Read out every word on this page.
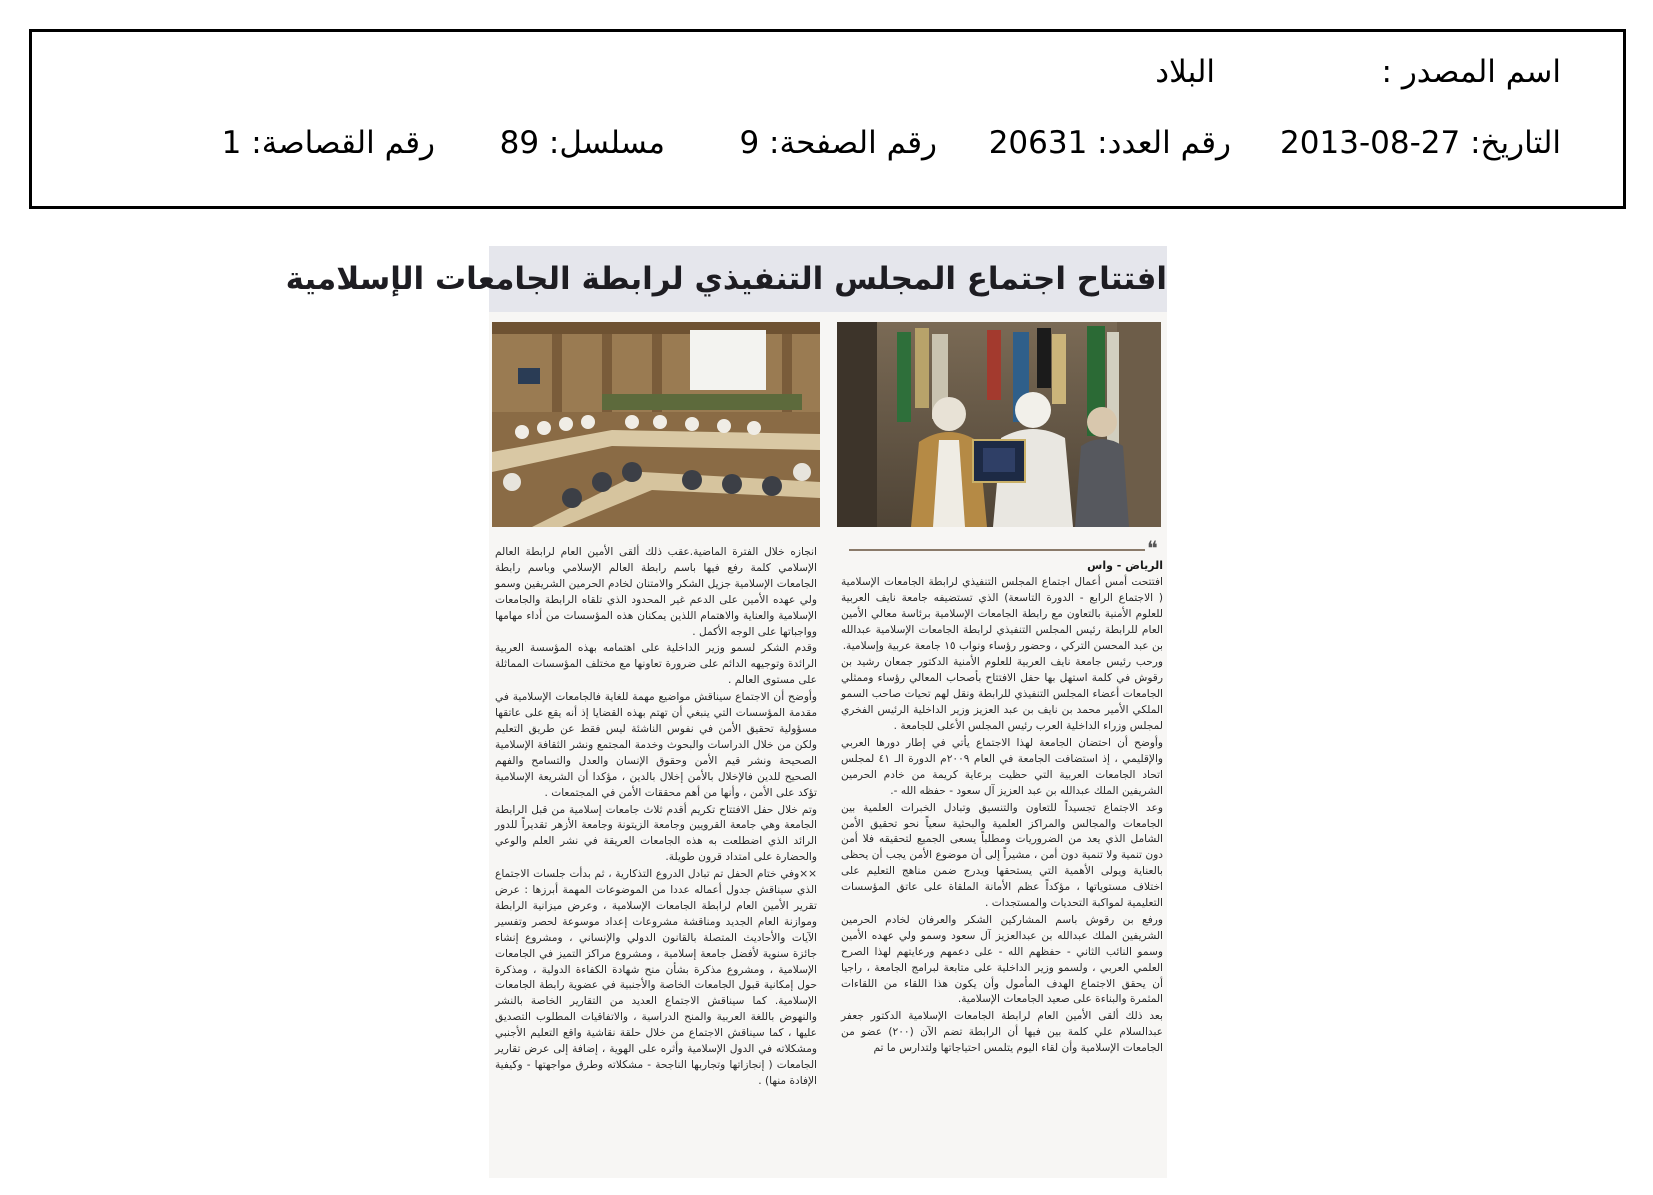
اسم المصدر :
البلاد
التاريخ: 27-08-2013
رقم العدد: 20631
رقم الصفحة: 9
مسلسل: 89
رقم القصاصة: 1
افتتاح اجتماع المجلس التنفيذي لرابطة الجامعات الإسلامية
❝
الرياض - واس

افتتحت أمس أعمال اجتماع المجلس التنفيذي لرابطة الجامعات الإسلامية ( الاجتماع الرابع - الدورة التاسعة) الذي تستضيفه جامعة نايف العربية للعلوم الأمنية بالتعاون مع رابطة الجامعات الإسلامية برئاسة معالي الأمين العام للرابطة رئيس المجلس التنفيذي لرابطة الجامعات الإسلامية عبدالله بن عبد المحسن التركي ، وحضور رؤساء ونواب ١٥ جامعة عربية وإسلامية.

ورحب رئيس جامعة نايف العربية للعلوم الأمنية الدكتور جمعان رشيد بن رقوش في كلمة استهل بها حفل الافتتاح بأصحاب المعالي رؤساء وممثلي الجامعات أعضاء المجلس التنفيذي للرابطة ونقل لهم تحيات صاحب السمو الملكي الأمير محمد بن نايف بن عبد العزيز وزير الداخلية الرئيس الفخري لمجلس وزراء الداخلية العرب رئيس المجلس الأعلى للجامعة .

وأوضح أن احتضان الجامعة لهذا الاجتماع يأتي في إطار دورها العربي والإقليمي ، إذ استضافت الجامعة في العام ٢٠٠٩م الدورة الـ ٤١ لمجلس اتحاد الجامعات العربية التي حظيت برعاية كريمة من خادم الحرمين الشريفين الملك عبدالله بن عبد العزيز آل سعود - حفظه الله -.

وعد الاجتماع تجسيداً للتعاون والتنسيق وتبادل الخبرات العلمية بين الجامعات والمجالس والمراكز العلمية والبحثية سعياً نحو تحقيق الأمن الشامل الذي يعد من الضروريات ومطلباً يسعى الجميع لتحقيقه فلا أمن دون تنمية ولا تنمية دون أمن ، مشيراً إلى أن موضوع الأمن يجب أن يحظى بالعناية ويولى الأهمية التي يستحقها ويدرج ضمن مناهج التعليم على اختلاف مستوياتها ، مؤكداً عظم الأمانة الملقاة على عاتق المؤسسات التعليمية لمواكبة التحديات والمستجدات .

ورفع بن رقوش باسم المشاركين الشكر والعرفان لخادم الحرمين الشريفين الملك عبدالله بن عبدالعزيز آل سعود وسمو ولي عهده الأمين وسمو النائب الثاني - حفظهم الله - على دعمهم ورعايتهم لهذا الصرح العلمي العربي ، ولسمو وزير الداخلية على متابعة لبرامج الجامعة ، راجيا أن يحقق الاجتماع الهدف المأمول وأن يكون هذا اللقاء من اللقاءات المثمرة والبناءة على صعيد الجامعات الإسلامية.

بعد ذلك ألقى الأمين العام لرابطة الجامعات الإسلامية الدكتور جعفر عبدالسلام علي كلمة بين فيها أن الرابطة تضم الآن (٢٠٠) عضو من الجامعات الإسلامية وأن لقاء اليوم يتلمس احتياجاتها ولتدارس ما تم

انجازه خلال الفترة الماضية.عقب ذلك ألقى الأمين العام لرابطة العالم الإسلامي كلمة رفع فيها باسم رابطة العالم الإسلامي وباسم رابطة الجامعات الإسلامية جزيل الشكر والامتنان لخادم الحرمين الشريفين وسمو ولي عهده الأمين على الدعم غير المحدود الذي تلقاه الرابطة والجامعات الإسلامية والعناية والاهتمام اللذين يمكنان هذه المؤسسات من أداء مهامها وواجباتها على الوجه الأكمل .

وقدم الشكر لسمو وزير الداخلية على اهتمامه بهذه المؤسسة العربية الرائدة وتوجيهه الدائم على ضرورة تعاونها مع مختلف المؤسسات المماثلة على مستوى العالم .

وأوضح أن الاجتماع سيناقش مواضيع مهمة للغاية فالجامعات الإسلامية في مقدمة المؤسسات التي ينبغي أن تهتم بهذه القضايا إذ أنه يقع على عاتقها مسؤولية تحقيق الأمن في نفوس الناشئة ليس فقط عن طريق التعليم ولكن من خلال الدراسات والبحوث وخدمة المجتمع ونشر الثقافة الإسلامية الصحيحة ونشر قيم الأمن وحقوق الإنسان والعدل والتسامح والفهم الصحيح للدين فالإخلال بالأمن إخلال بالدين ، مؤكدا أن الشريعة الإسلامية تؤكد على الأمن ، وأنها من أهم محققات الأمن في المجتمعات .

وتم خلال حفل الافتتاح تكريم أقدم ثلاث جامعات إسلامية من قبل الرابطة الجامعة وهي جامعة القرويين وجامعة الزيتونة وجامعة الأزهر تقديراً للدور الرائد الذي اضطلعت به هذه الجامعات العريقة في نشر العلم والوعي والحضارة على امتداد قرون طويلة.

××وفي ختام الحفل تم تبادل الدروع التذكارية ، ثم بدأت جلسات الاجتماع الذي سيناقش جدول أعماله عددا من الموضوعات المهمة أبرزها : عرض تقرير الأمين العام لرابطة الجامعات الإسلامية ، وعرض ميزانية الرابطة وموازنة العام الجديد ومناقشة مشروعات إعداد موسوعة لحصر وتفسير الآيات والأحاديث المتصلة بالقانون الدولي والإنساني ، ومشروع إنشاء جائزة سنوية لأفضل جامعة إسلامية ، ومشروع مراكز التميز في الجامعات الإسلامية ، ومشروع مذكرة بشأن منح شهادة الكفاءة الدولية ، ومذكرة حول إمكانية قبول الجامعات الخاصة والأجنبية في عضوية رابطة الجامعات الإسلامية. كما سيناقش الاجتماع العديد من التقارير الخاصة بالنشر والنهوض باللغة العربية والمنح الدراسية ، والاتفاقيات المطلوب التصديق عليها ، كما سيناقش الاجتماع من خلال حلقة نقاشية واقع التعليم الأجنبي ومشكلاته في الدول الإسلامية وأثره على الهوية ، إضافة إلى عرض تقارير الجامعات ( إنجازاتها وتجاربها الناجحة - مشكلاته وطرق مواجهتها - وكيفية الإفادة منها) .
